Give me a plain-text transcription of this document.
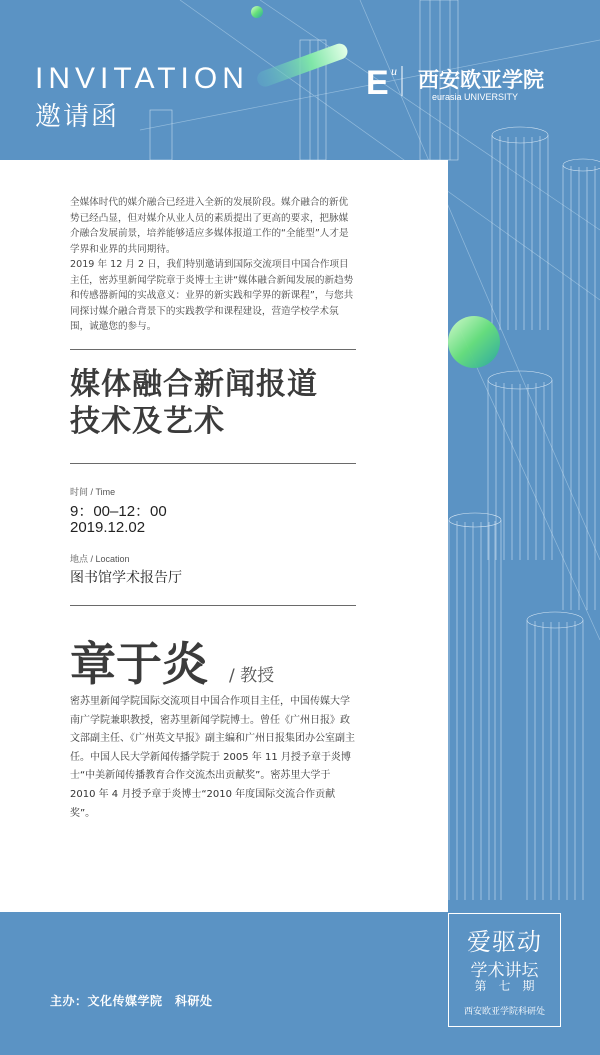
INVITATION
邀请函
E u 西安欧亚学院
eurasia UNIVERSITY

全媒体时代的媒介融合已经进入全新的发展阶段。媒介融合的新优势已经凸显，但对媒介从业人员的素质提出了更高的要求，把脉媒介融合发展前景，培养能够适应多媒体报道工作的“全能型”人才是学界和业界的共同期待。

2019 年 12 月 2 日，我们特别邀请到国际交流项目中国合作项目主任，密苏里新闻学院章于炎博士主讲“媒体融合新闻发展的新趋势和传感器新闻的实战意义：业界的新实践和学界的新课程”，与您共同探讨媒介融合背景下的实践教学和课程建设，营造学校学术氛围，诚邀您的参与。

媒体融合新闻报道
技术及艺术
时间 / Time
9：00–12：00
2019.12.02
地点 / Location
图书馆学术报告厅
章于炎 / 教授

密苏里新闻学院国际交流项目中国合作项目主任，中国传媒大学南广学院兼职教授，密苏里新闻学院博士。曾任《广州日报》政文部副主任、《广州英文早报》副主编和广州日报集团办公室副主任。中国人民大学新闻传播学院于 2005 年 11 月授予章于炎博士“中美新闻传播教育合作交流杰出贡献奖”。密苏里大学于 2010 年 4 月授予章于炎博士“2010 年度国际交流合作贡献奖”。

主办：文化传媒学院　科研处
爱驱动
学术讲坛
第　七　期
西安欧亚学院科研处
